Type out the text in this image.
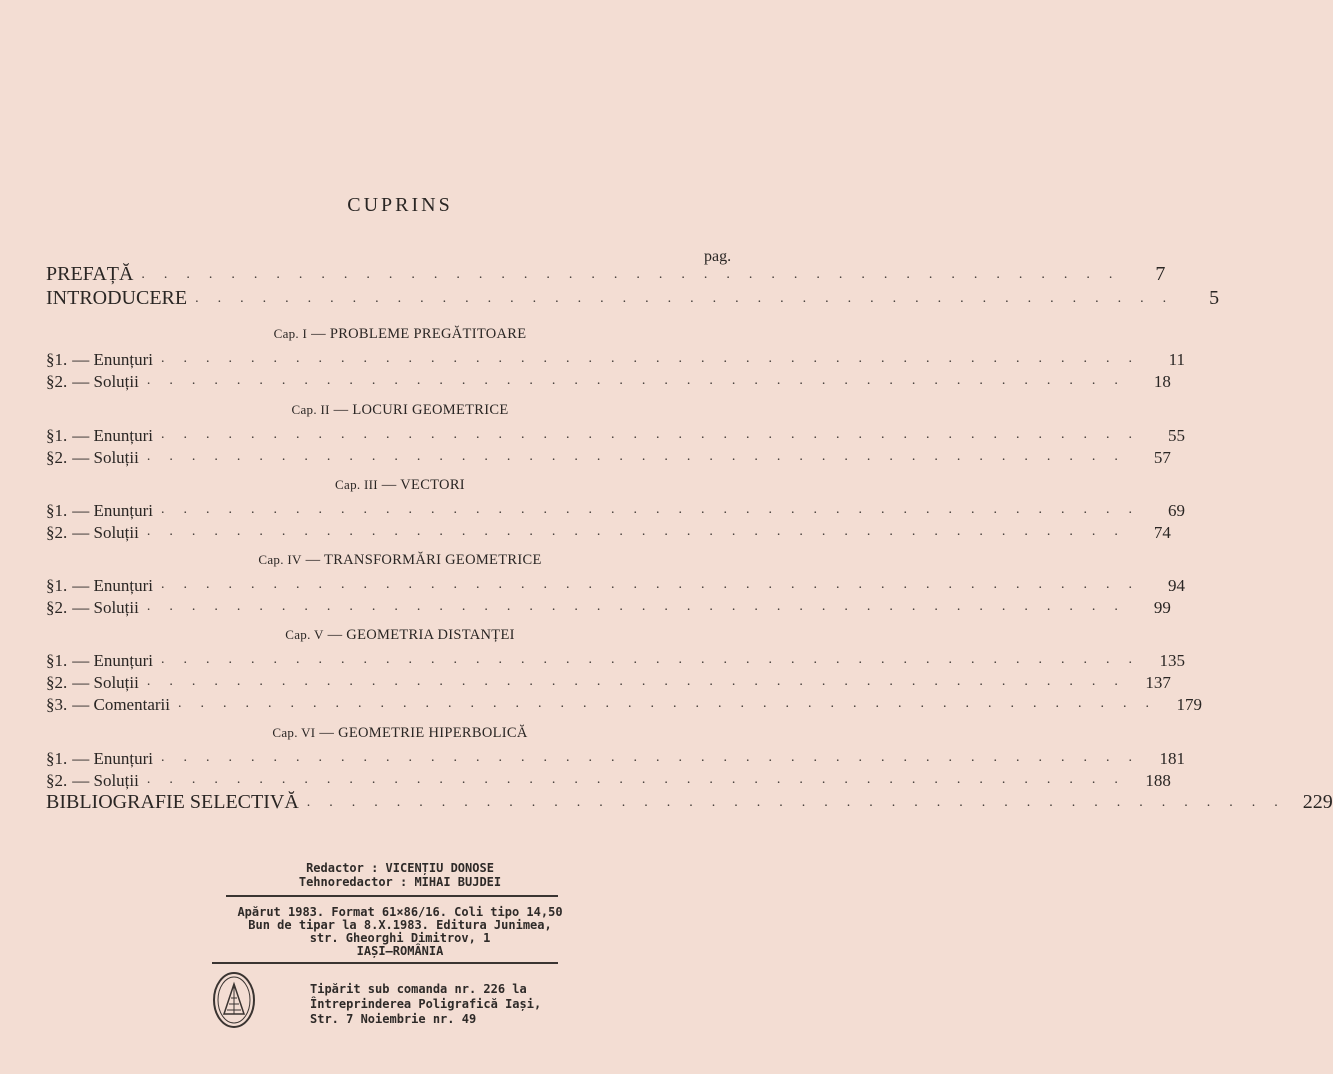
CUPRINS
pag.
PREFAȚĂ ............................................	7
INTRODUCERE ............................................	5
Cap. I — PROBLEME PREGĂTITOARE
§1. — Enunțuri ............................................	11
§2. — Soluții ............................................	18
Cap. II — LOCURI GEOMETRICE
§1. — Enunțuri ............................................	55
§2. — Soluții ............................................	57
Cap. III — VECTORI
§1. — Enunțuri ............................................	69
§2. — Soluții ............................................	74
Cap. IV — TRANSFORMĂRI GEOMETRICE
§1. — Enunțuri ............................................	94
§2. — Soluții ............................................	99
Cap. V — GEOMETRIA DISTANȚEI
§1. — Enunțuri ............................................ 135
§2. — Soluții ............................................ 137
§3. — Comentarii ............................................ 179
Cap. VI — GEOMETRIE HIPERBOLICĂ
§1. — Enunțuri ............................................ 181
§2. — Soluții ............................................ 188
BIBLIOGRAFIE SELECTIVĂ ............................................ 229
Redactor : VICENȚIU DONOSE
Tehnoredactor : MIHAI BUJDEI
Apărut 1983. Format 61×86/16. Coli tipo 14,50
Bun de tipar la 8.X.1983. Editura Junimea,
str. Gheorghi Dimitrov, 1
IAȘI—ROMÂNIA
Tipărit sub comanda nr. 226 la
Întreprinderea Poligrafică Iași,
Str. 7 Noiembrie nr. 49
